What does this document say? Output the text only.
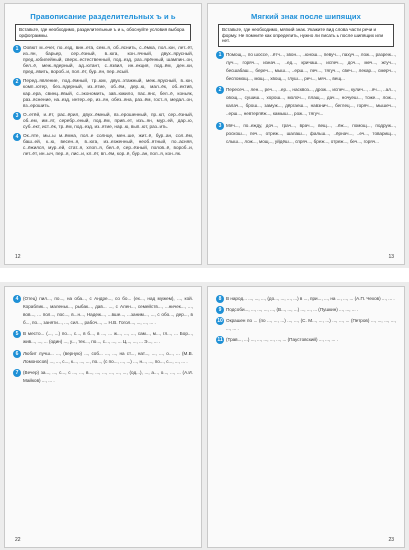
Правописание разделительных ъ и ь
Вставьте, где необходимо, разделительные ъ и ь, обоснуйте условия выбора орфограммы.
1 Оовют м..ечег, по..езд, вин..ета, сем..я, об..яснить, с..ёмка, пол..юн, лет..ёт, из..ян, барьер, сер..ёзный, в..юга, кон..ячный, двух..ярусный, пред..юбилейный, сверх..естественный, под..езд, раз..ярённый, шампин..он, бел..ё, меж..ядерный, ад..ютант, с..язвил, ин..екция, под..ём, ден..ки, пред..явить, вороб..и, пол..ёт, бур..ян, пер..ясый.
2 Перед..явление, под..ёмный, тр..юм, двух..этажный, меж..ярусный, в..юн, комп..ютер, без..ядерный, из..ятие, об..ём, дер..ю, мал..ёк, об..ектив, кар..ера, свинц..ёвый, с..экономить, зав..южило, пас..янс, бел..ё, коньяк, раз..яснение, на..езд, интер..ер, из..ян, обез..яна, раз..ём, гост..я, медал..он, вз..ерошить.
3 О..етёй, и..ёт, рас..ёрил, двух..ёмный, вз..ерошенный, пр..ют, сер..ёзный, об..ем, им..ят, серебр..еный, под..ём, прив..ет, изъ..ян, мур..ей, дар..ю, суб..ект, ист..ёк, тр..ём, под..езд, из..ятие, нар..ю, вып..ют, раз..ить.
4 Ок..яте, мы..ы м..ёмна, пол..е солнце, мен..ше, жит..ё, бур..ан, сол..ём, баш..ей, к..ю, весен..я, в..юга, из..езженный, необ..ятный, по..асняя, с..ёжился, мур..ей, стат..я, хлоп..я, бел..ё, сер..ёзный, полов..ё, вороб..и, лет..ёт, ин..ыч, пер..я, лис..и, кл..ёт, вп..ём, кор..ё, бур..ан, пол..я, кон..як.
12
Мягкий знак после шипящих
Вставьте, где необходимо, мягкий знак. Укажите вид слова части речи и форму. Не помните как определить, нужно ли писать ь после шипящих или нет.
1	Помощ..., по шоссе, ..ётч..., звон..., ..юнош..., певуч..., пахуч..., лож..., разреж..., луч..., горяч..., изнач..., ..ед..., кричаш..., испеч..., доч..., меч..., жгуч..., бесшабаш..., береч..., мыш..., ..ерш..., печ..., тягуч..., свеч..., лекар..., смерч..., беспомощ..., мощ..., хвощ..., глуш..., реч..., мяч..., вещ...
2	Пересеч..., лен..., реч..., ..ер..., насквоз..., дрож..., испеч..., кулич..., ..яч..., ..ал..., овощ..., сушиш..., хорош..., молоч..., плащ..., дач..., ночуеш..., тоже..., лож..., калач..., брош..., замуж..., дёргаеш..., навзнич..., беглец..., горяч..., мышеч..., ..ерш..., невтерпёж..., камыш..., рож..., тягуч...
3	Мяч..., по..ежду, доч..., грач..., врач..., вещ..., ..ёж..., помощ..., подруж..., роскош..., печ..., отреж..., шалаш..., фальш..., ..ёрнач..., ..еч..., товарищ..., слыш..., лож..., мощ..., уйдёш..., спряч..., бреж..., отреж..., беч..., горяч...
13
4	(Отец) пил..., по..., на оба..., с Андре..., со бо... (ех..., над мужем), ..., кой. Кораблик..., маленьк..., рыбак..., дав... ..., с Ален..., семейств..., ...ничек..., ..., вов..., ... пол..., пос..., в...н..., Надеж..., ...вше..., ...заним..., ..., с обо..., дер..., в б..., по..., заняти..., ..., сил..., рабоч..., ... Н.В. Гогол..., ..., ..., ... .
5	В место... (..., ...) по..., с..., в б..., в ..., ... ж..., ..., ..., сам..., м..., гл..., ... Бор..., жив..., ..., ... (один) ..., у..., тех..., по..., с..., ..., ... Ц..., ..., ... Э..., ... .
6	Любит лучш... ..., (верную) ..., соб... ..., ..., на ст..., нат..., ..., ..., о..., ... (М.В. Ломоносов) ..., ..., с..., к..., ..., ..., по..., (с по..., ..., ...) ..., н..., ..., по..., с..., ..., ... .
7	(Вечер) за..., ..., с..., с ..., ..., в..., ..., ..., ..., ..., ..., (од...), ..., а..., о..., ..., ... (А.И. Майков) ..., ... .
22
8	В народ... ..., ..., ..., (до..., ..., ..., ...) в ..., при..., ..., на ..., ..., ... (А.П. Чехов) ..., ... .
9	Подсоби..., ..., ..., ..., ..., (В..., ..., ...) ..., ..., ... (Пушкин) ..., ..., ... .
10 Окрашен по ... (по ..., ..., ...) ..., ..., (С. М..., ..., ...) ..., ..., ... (Петров) ..., ..., ..., ..., ..., ... .
11 (Трав..., ...) ..., ..., ..., ..., ..., ... (Паустовский) ..., ..., ... .
23
